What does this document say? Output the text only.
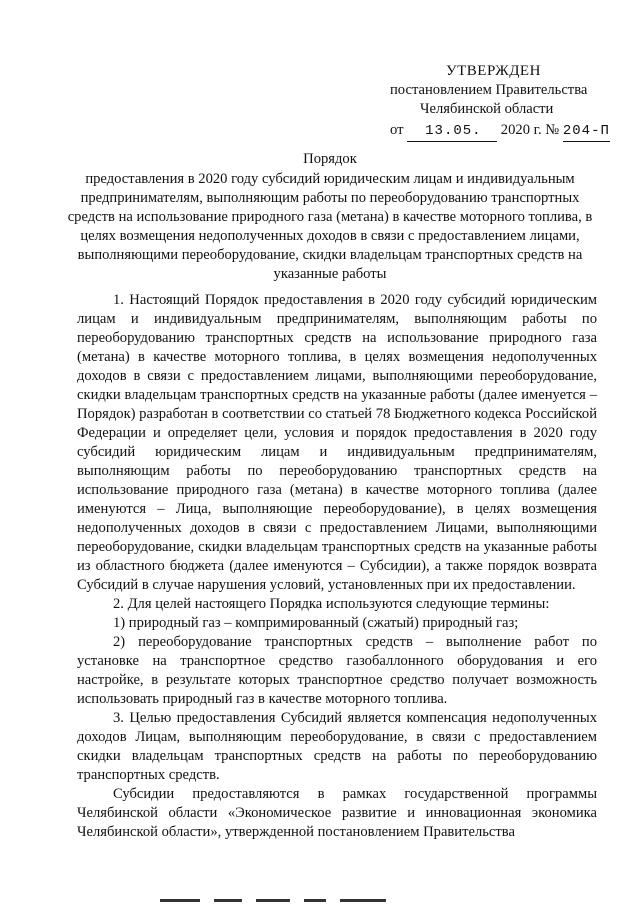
УТВЕРЖДЕН
постановлением Правительства
Челябинской области
от 13.05. 2020 г. № 204-П
Порядок
предоставления в 2020 году субсидий юридическим лицам и индивидуальным предпринимателям, выполняющим работы по переоборудованию транспортных средств на использование природного газа (метана) в качестве моторного топлива, в целях возмещения недополученных доходов в связи с предоставлением лицами, выполняющими переоборудование, скидки владельцам транспортных средств на указанные работы

1. Настоящий Порядок предоставления в 2020 году субсидий юридическим лицам и индивидуальным предпринимателям, выполняющим работы по переоборудованию транспортных средств на использование природного газа (метана) в качестве моторного топлива, в целях возмещения недополученных доходов в связи с предоставлением лицами, выполняющими переоборудование, скидки владельцам транспортных средств на указанные работы (далее именуется – Порядок) разработан в соответствии со статьей 78 Бюджетного кодекса Российской Федерации и определяет цели, условия и порядок предоставления в 2020 году субсидий юридическим лицам и индивидуальным предпринимателям, выполняющим работы по переоборудованию транспортных средств на использование природного газа (метана) в качестве моторного топлива (далее именуются – Лица, выполняющие переоборудование), в целях возмещения недополученных доходов в связи с предоставлением Лицами, выполняющими переоборудование, скидки владельцам транспортных средств на указанные работы из областного бюджета (далее именуются – Субсидии), а также порядок возврата Субсидий в случае нарушения условий, установленных при их предоставлении.

2. Для целей настоящего Порядка используются следующие термины:

1) природный газ – компримированный (сжатый) природный газ;

2) переоборудование транспортных средств – выполнение работ по установке на транспортное средство газобаллонного оборудования и его настройке, в результате которых транспортное средство получает возможность использовать природный газ в качестве моторного топлива.

3. Целью предоставления Субсидий является компенсация недополученных доходов Лицам, выполняющим переоборудование, в связи с предоставлением скидки владельцам транспортных средств на работы по переоборудованию транспортных средств.

Субсидии предоставляются в рамках государственной программы Челябинской области «Экономическое развитие и инновационная экономика Челябинской области», утвержденной постановлением Правительства
